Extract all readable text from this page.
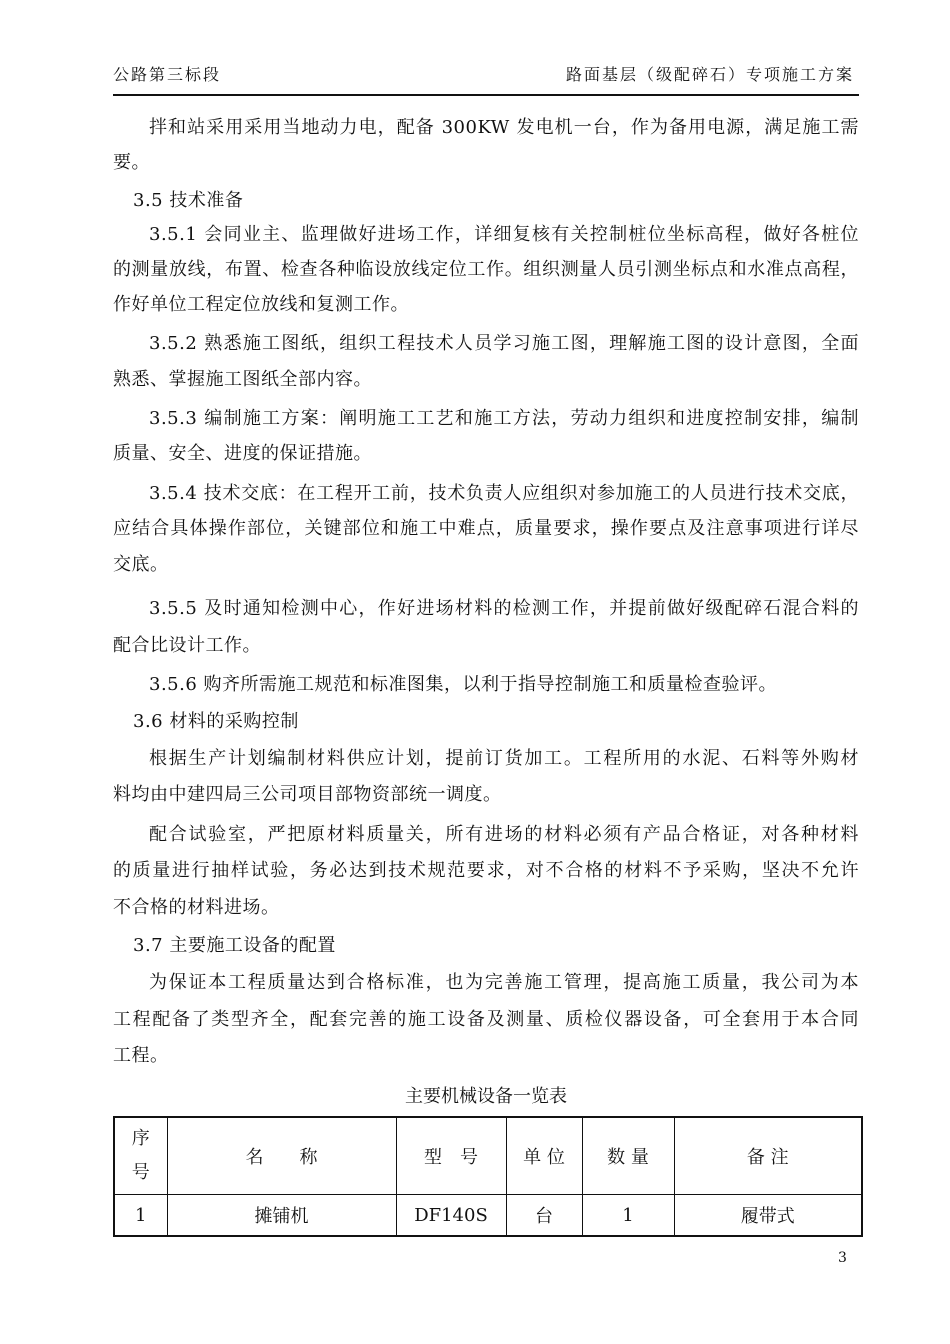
公路第三标段	路面基层（级配碎石）专项施工方案
拌和站采用采用当地动力电，配备 300KW 发电机一台，作为备用电源，满足施工需
要。
3.5 技术准备
3.5.1 会同业主、监理做好进场工作，详细复核有关控制桩位坐标高程，做好各桩位
的测量放线，布置、检查各种临设放线定位工作。组织测量人员引测坐标点和水准点高程，
作好单位工程定位放线和复测工作。
3.5.2 熟悉施工图纸，组织工程技术人员学习施工图，理解施工图的设计意图，全面
熟悉、掌握施工图纸全部内容。
3.5.3 编制施工方案：阐明施工工艺和施工方法，劳动力组织和进度控制安排，编制
质量、安全、进度的保证措施。
3.5.4 技术交底：在工程开工前，技术负责人应组织对参加施工的人员进行技术交底，
应结合具体操作部位，关键部位和施工中难点，质量要求，操作要点及注意事项进行详尽
交底。
3.5.5 及时通知检测中心，作好进场材料的检测工作，并提前做好级配碎石混合料的
配合比设计工作。
3.5.6 购齐所需施工规范和标准图集，以利于指导控制施工和质量检查验评。
3.6 材料的采购控制
根据生产计划编制材料供应计划，提前订货加工。工程所用的水泥、石料等外购材
料均由中建四局三公司项目部物资部统一调度。
配合试验室，严把原材料质量关，所有进场的材料必须有产品合格证，对各种材料
的质量进行抽样试验，务必达到技术规范要求，对不合格的材料不予采购，坚决不允许
不合格的材料进场。
3.7 主要施工设备的配置
为保证本工程质量达到合格标准，也为完善施工管理，提高施工质量，我公司为本
工程配备了类型齐全，配套完善的施工设备及测量、质检仪器设备，可全套用于本合同
工程。
主要机械设备一览表
序
号	名　　称	型　号	单 位	数 量	备 注
1	摊铺机	DF140S	台	1	履带式
3
